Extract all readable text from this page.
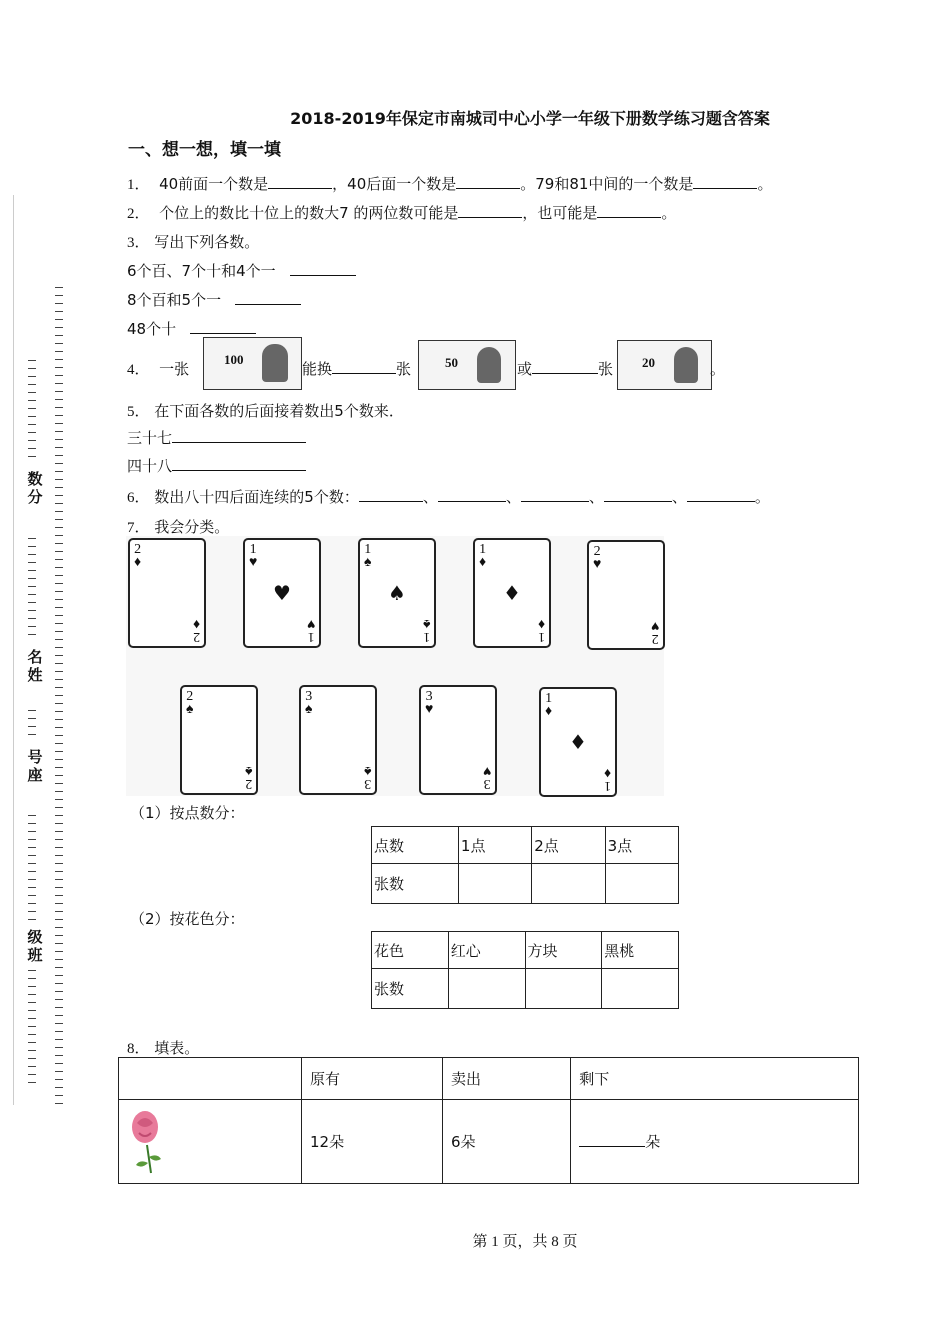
数分
名姓
号座
级班
2018-2019年保定市南城司中心小学一年级下册数学练习题含答案
一、想一想，填一填
1． 40前面一个数是	，40后面一个数是	。79和81中间的一个数是	。
2． 个位上的数比十位上的数大7 的两位数可能是	，也可能是	。
3． 写出下列各数。
6个百、7个十和4个一
8个百和5个一
48个十
4． 一张
100
能换	张	50	或	张 20	。
5． 在下面各数的后面接着数出5个数来．
三十七
四十八
6． 数出八十四后面连续的5个数：	、	、	、	、	。
7． 我会分类。
2
♦
2
♦
1
♥
♥
1
♥
1
♠
♠
1
♠
1
♦
♦
1
♦
2
♥
2
♥
2
♠
2
♠
3
♠
3
♠
3
♥
3
♥
1
♦
♦
1
♦
（1）按点数分：
点数	1点	2点	3点
张数			
（2）按花色分：
花色	红心	方块	黑桃
张数			
8． 填表。
	原有	卖出	剩下
	12朵	6朵	朵
第 1 页，共 8 页
